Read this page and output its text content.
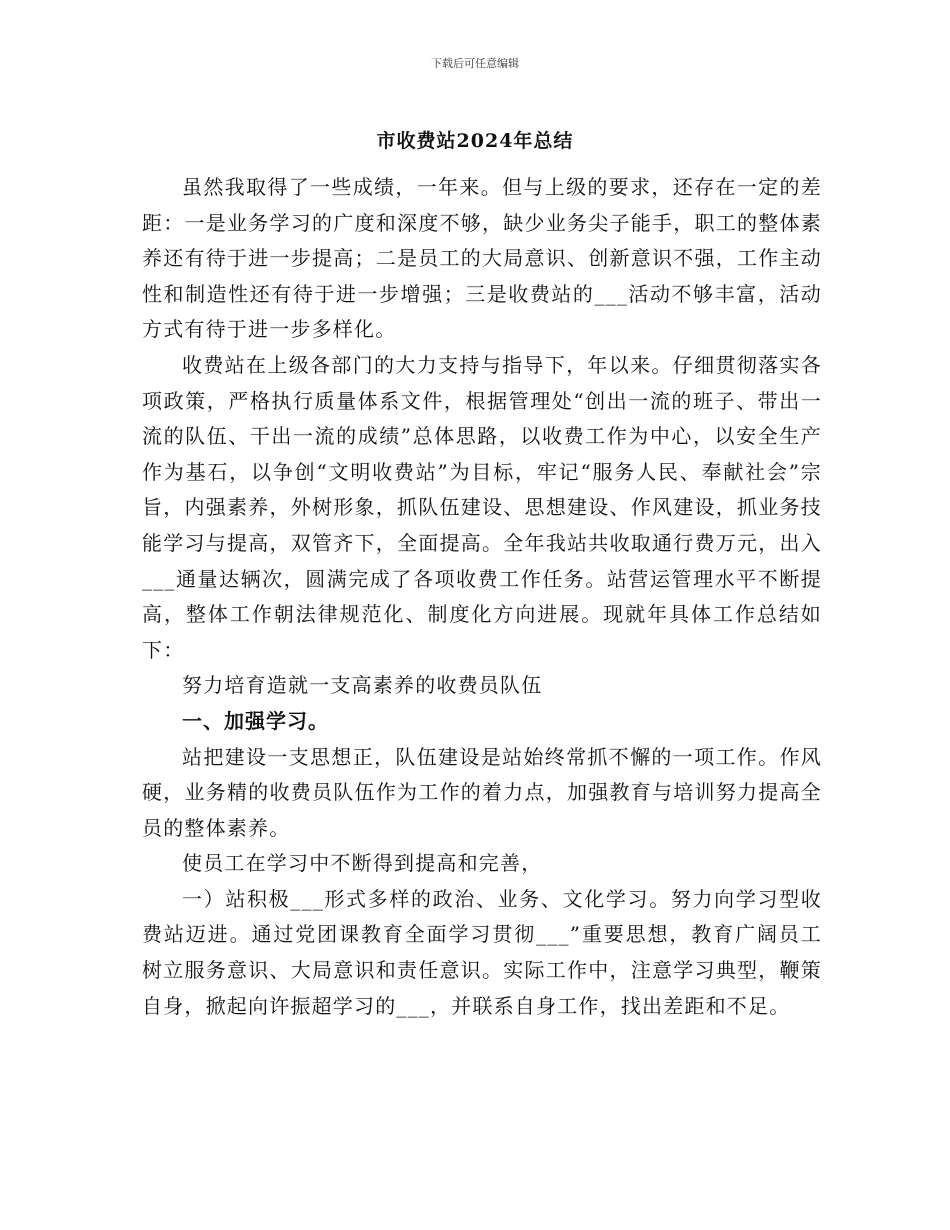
下载后可任意编辑
市收费站2024年总结

虽然我取得了一些成绩，一年来。但与上级的要求，还存在一定的差距：一是业务学习的广度和深度不够，缺少业务尖子能手，职工的整体素养还有待于进一步提高；二是员工的大局意识、创新意识不强，工作主动性和制造性还有待于进一步增强；三是收费站的___活动不够丰富，活动方式有待于进一步多样化。

收费站在上级各部门的大力支持与指导下，年以来。仔细贯彻落实各项政策，严格执行质量体系文件，根据管理处“创出一流的班子、带出一流的队伍、干出一流的成绩”总体思路，以收费工作为中心，以安全生产作为基石，以争创“文明收费站”为目标，牢记“服务人民、奉献社会”宗旨，内强素养，外树形象，抓队伍建设、思想建设、作风建设，抓业务技能学习与提高，双管齐下，全面提高。全年我站共收取通行费万元，出入___通量达辆次，圆满完成了各项收费工作任务。站营运管理水平不断提高，整体工作朝法律规范化、制度化方向进展。现就年具体工作总结如下：

努力培育造就一支高素养的收费员队伍

一、加强学习。

站把建设一支思想正，队伍建设是站始终常抓不懈的一项工作。作风硬，业务精的收费员队伍作为工作的着力点，加强教育与培训努力提高全员的整体素养。

使员工在学习中不断得到提高和完善，

一）站积极___形式多样的政治、业务、文化学习。努力向学习型收费站迈进。通过党团课教育全面学习贯彻___”重要思想，教育广阔员工树立服务意识、大局意识和责任意识。实际工作中，注意学习典型，鞭策自身，掀起向许振超学习的___，并联系自身工作，找出差距和不足。
